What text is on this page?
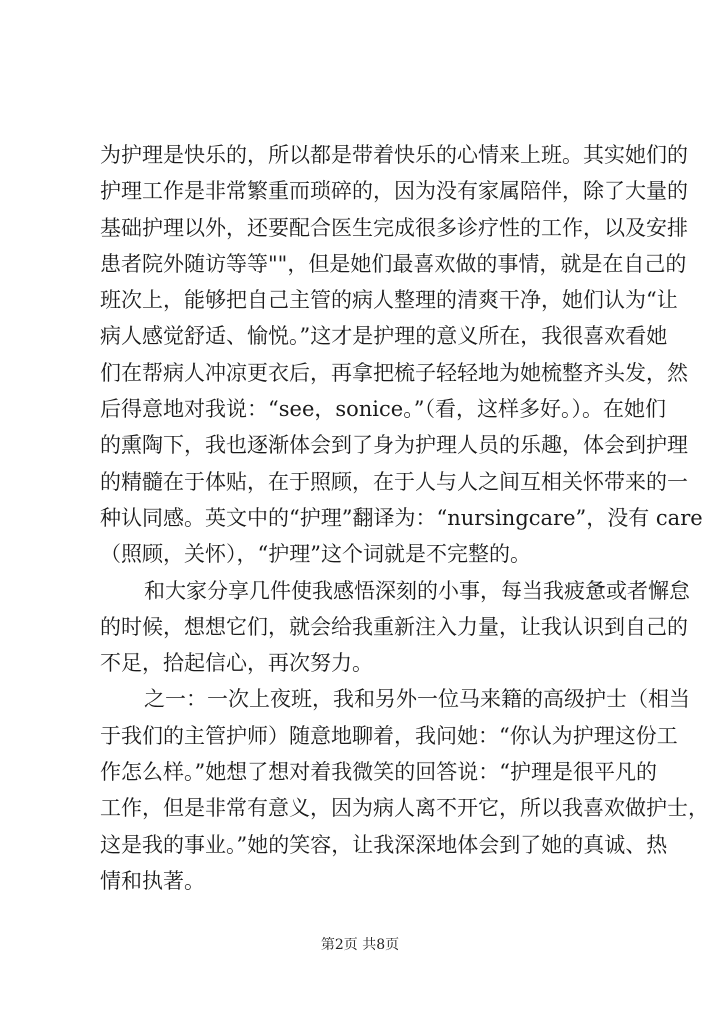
为护理是快乐的，所以都是带着快乐的心情来上班。其实她们的
护理工作是非常繁重而琐碎的，因为没有家属陪伴，除了大量的
基础护理以外，还要配合医生完成很多诊疗性的工作，以及安排
患者院外随访等等""，但是她们最喜欢做的事情，就是在自己的
班次上，能够把自己主管的病人整理的清爽干净，她们认为“让
病人感觉舒适、愉悦。”这才是护理的意义所在，我很喜欢看她
们在帮病人冲凉更衣后，再拿把梳子轻轻地为她梳整齐头发，然
后得意地对我说：“see，sonice。”（看，这样多好。）。在她们
的熏陶下，我也逐渐体会到了身为护理人员的乐趣，体会到护理
的精髓在于体贴，在于照顾，在于人与人之间互相关怀带来的一
种认同感。英文中的“护理”翻译为：“nursingcare”，没有 care
（照顾，关怀），“护理”这个词就是不完整的。
和大家分享几件使我感悟深刻的小事，每当我疲惫或者懈怠
的时候，想想它们，就会给我重新注入力量，让我认识到自己的
不足，拾起信心，再次努力。
之一：一次上夜班，我和另外一位马来籍的高级护士（相当
于我们的主管护师）随意地聊着，我问她：“你认为护理这份工
作怎么样。”她想了想对着我微笑的回答说：“护理是很平凡的
工作，但是非常有意义，因为病人离不开它，所以我喜欢做护士，
这是我的事业。”她的笑容，让我深深地体会到了她的真诚、热
情和执著。
第2页 共8页
